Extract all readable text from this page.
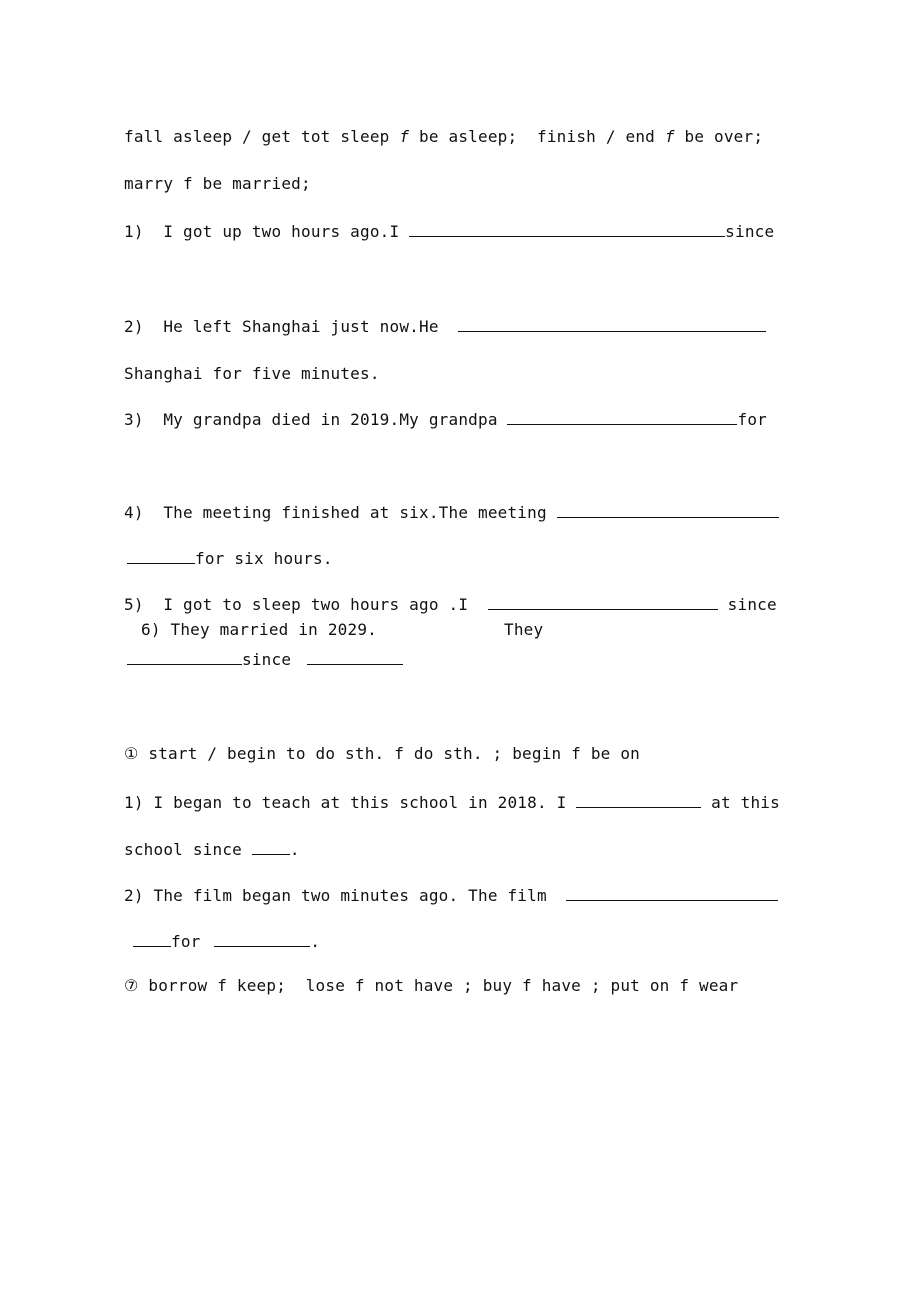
fall asleep / get tot sleep f be asleep;  finish / end f be over;
marry f be married;
1)  I got up two hours ago.I	since
2)  He left Shanghai just now.He
Shanghai for five minutes.
3)  My grandpa died in 2019.My grandpa	for
4)  The meeting finished at six.The meeting
for six hours.
5)  I got to sleep two hours ago .I	since
6) They married in 2029.	They
since
① start / begin to do sth. f do sth. ; begin f be on
1) I began to teach at this school in 2018. I	at this
school since .
2) The film began two minutes ago. The film
for	.
⑦ borrow f keep;  lose f not have ; buy f have ; put on f wear
